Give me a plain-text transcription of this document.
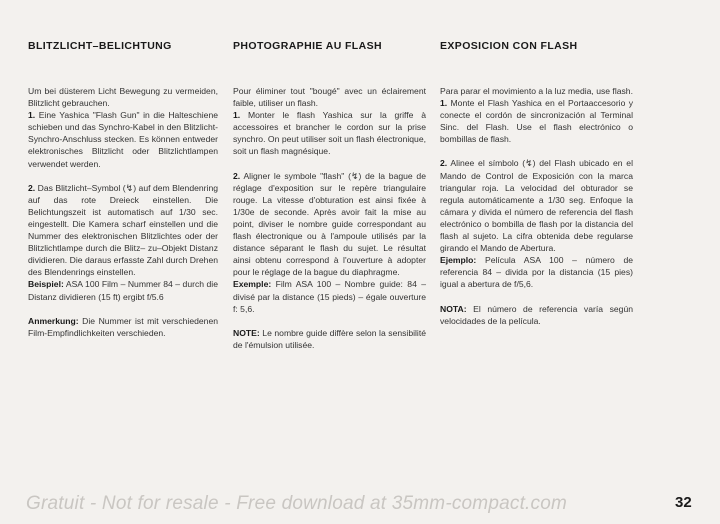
BLITZLICHT–BELICHTUNG

Um bei düsterem Licht Bewegung zu vermeiden, Blitzlicht gebrauchen.
1. Eine Yashica "Flash Gun" in die Halteschiene schieben und das Synchro-Kabel in den Blitzlicht-Synchro-Anschluss stecken. Es können entweder elektronisches Blitzlicht oder Blitzlichtlampen verwendet werden.

2. Das Blitzlicht–Symbol (↯) auf dem Blendenring auf das rote Dreieck einstellen. Die Belichtungszeit ist automatisch auf 1/30 sec. eingestellt. Die Kamera scharf einstellen und die Nummer des elektronischen Blitzlichtes oder der Blitzlichtlampe durch die Blitz– zu–Objekt Distanz dividieren. Die daraus erfasste Zahl durch Drehen des Blendenrings einstellen.
Beispiel: ASA 100 Film – Nummer 84 – durch die Distanz dividieren (15 ft) ergibt f/5.6

Anmerkung: Die Nummer ist mit verschiedenen Film-Empfindlichkeiten verschieden.

PHOTOGRAPHIE AU FLASH

Pour éliminer tout "bougé" avec un éclairement faible, utiliser un flash.
1. Monter le flash Yashica sur la griffe à accessoires et brancher le cordon sur la prise synchro. On peut utiliser soit un flash électronique, soit un flash magnésique.

2. Aligner le symbole "flash" (↯) de la bague de réglage d'exposition sur le repère triangulaire rouge. La vitesse d'obturation est ainsi fixée à 1/30e de seconde. Après avoir fait la mise au point, diviser le nombre guide correspondant au flash électronique ou à l'ampoule utilisés par la distance séparant le flash du sujet. Le résultat ainsi obtenu correspond à l'ouverture à adopter pour le réglage de la bague du diaphragme.
Exemple: Film ASA 100 – Nombre guide: 84 – divisé par la distance (15 pieds) – égale ouverture f: 5,6.

NOTE: Le nombre guide diffère selon la sensibilité de l'émulsion utilisée.

EXPOSICION CON FLASH

Para parar el movimiento a la luz media, use flash.
1. Monte el Flash Yashica en el Portaaccesorio y conecte el cordón de sincronización al Terminal Sinc. del Flash. Use el flash electrónico o bombillas de flash.

2. Alinee el símbolo (↯) del Flash ubicado en el Mando de Control de Exposición con la marca triangular roja. La velocidad del obturador se regula automáticamente a 1/30 seg. Enfoque la cámara y divida el número de referencia del flash electrónico o bombilla de flash por la distancia del flash al sujeto. La cifra obtenida debe regularse girando el Mando de Abertura.
Ejemplo: Película ASA 100 – número de referencia 84 – divida por la distancia (15 pies) igual a abertura de f/5,6.

NOTA: El número de referencia varía según velocidades de la película.

Gratuit - Not for resale - Free download at 35mm-compact.com	32
